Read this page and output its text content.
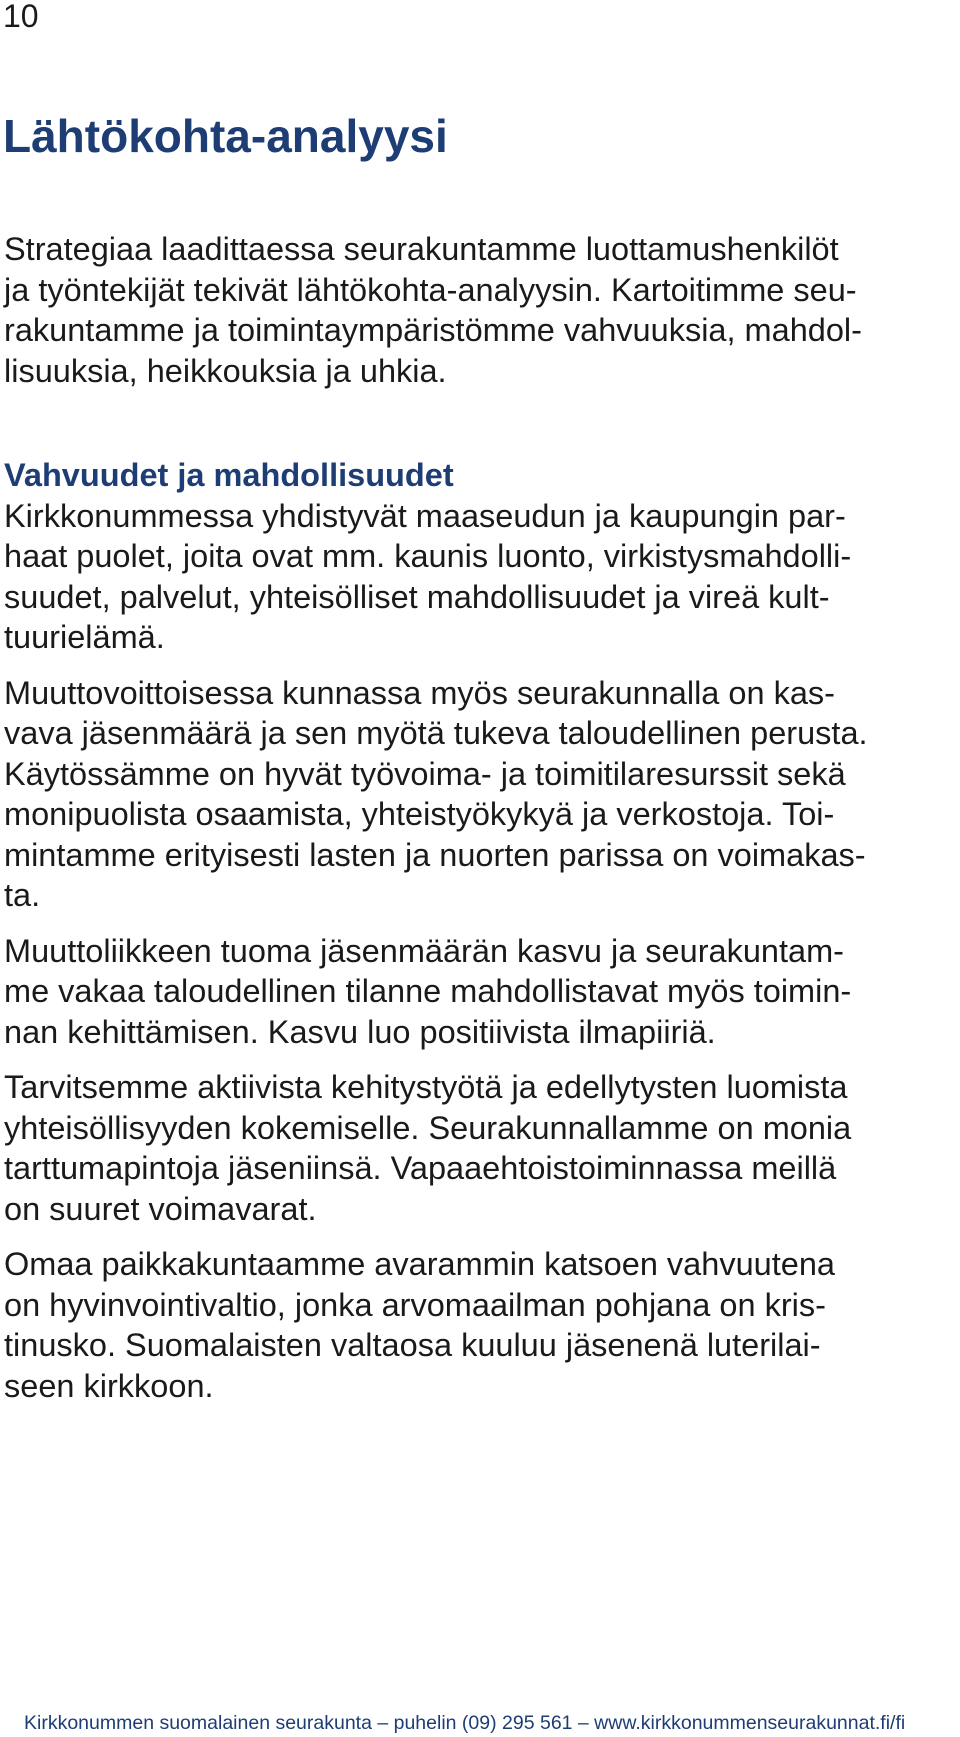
10
Lähtökohta-analyysi

Strategiaa laadittaessa seurakuntamme luottamushenkilöt
ja työntekijät tekivät lähtökohta-analyysin. Kartoitimme seu-
rakuntamme ja toimintaympäristömme vahvuuksia, mahdol-
lisuuksia, heikkouksia ja uhkia.

Vahvuudet ja mahdollisuudet

Kirkkonummessa yhdistyvät maaseudun ja kaupungin par-
haat puolet, joita ovat mm. kaunis luonto, virkistysmahdolli-
suudet, palvelut, yhteisölliset mahdollisuudet ja vireä kult-
tuurielämä.

Muuttovoittoisessa kunnassa myös seurakunnalla on kas-
vava jäsenmäärä ja sen myötä tukeva taloudellinen perusta.
Käytössämme on hyvät työvoima- ja toimitilaresurssit sekä
monipuolista osaamista, yhteistyökykyä ja verkostoja. Toi-
mintamme erityisesti lasten ja nuorten parissa on voimakas-
ta.

Muuttoliikkeen tuoma jäsenmäärän kasvu ja seurakuntam-
me vakaa taloudellinen tilanne mahdollistavat myös toimin-
nan kehittämisen. Kasvu luo positiivista ilmapiiriä.

Tarvitsemme aktiivista kehitystyötä ja edellytysten luomista
yhteisöllisyyden kokemiselle. Seurakunnallamme on monia
tarttumapintoja jäseniinsä. Vapaaehtoistoiminnassa meillä
on suuret voimavarat.

Omaa paikkakuntaamme avarammin katsoen vahvuutena
on hyvinvointivaltio, jonka arvomaailman pohjana on kris-
tinusko. Suomalaisten valtaosa kuuluu jäsenenä luterilai-
seen kirkkoon.

Kirkkonummen suomalainen seurakunta – puhelin (09) 295 561 – www.kirkkonummenseurakunnat.fi/fi
